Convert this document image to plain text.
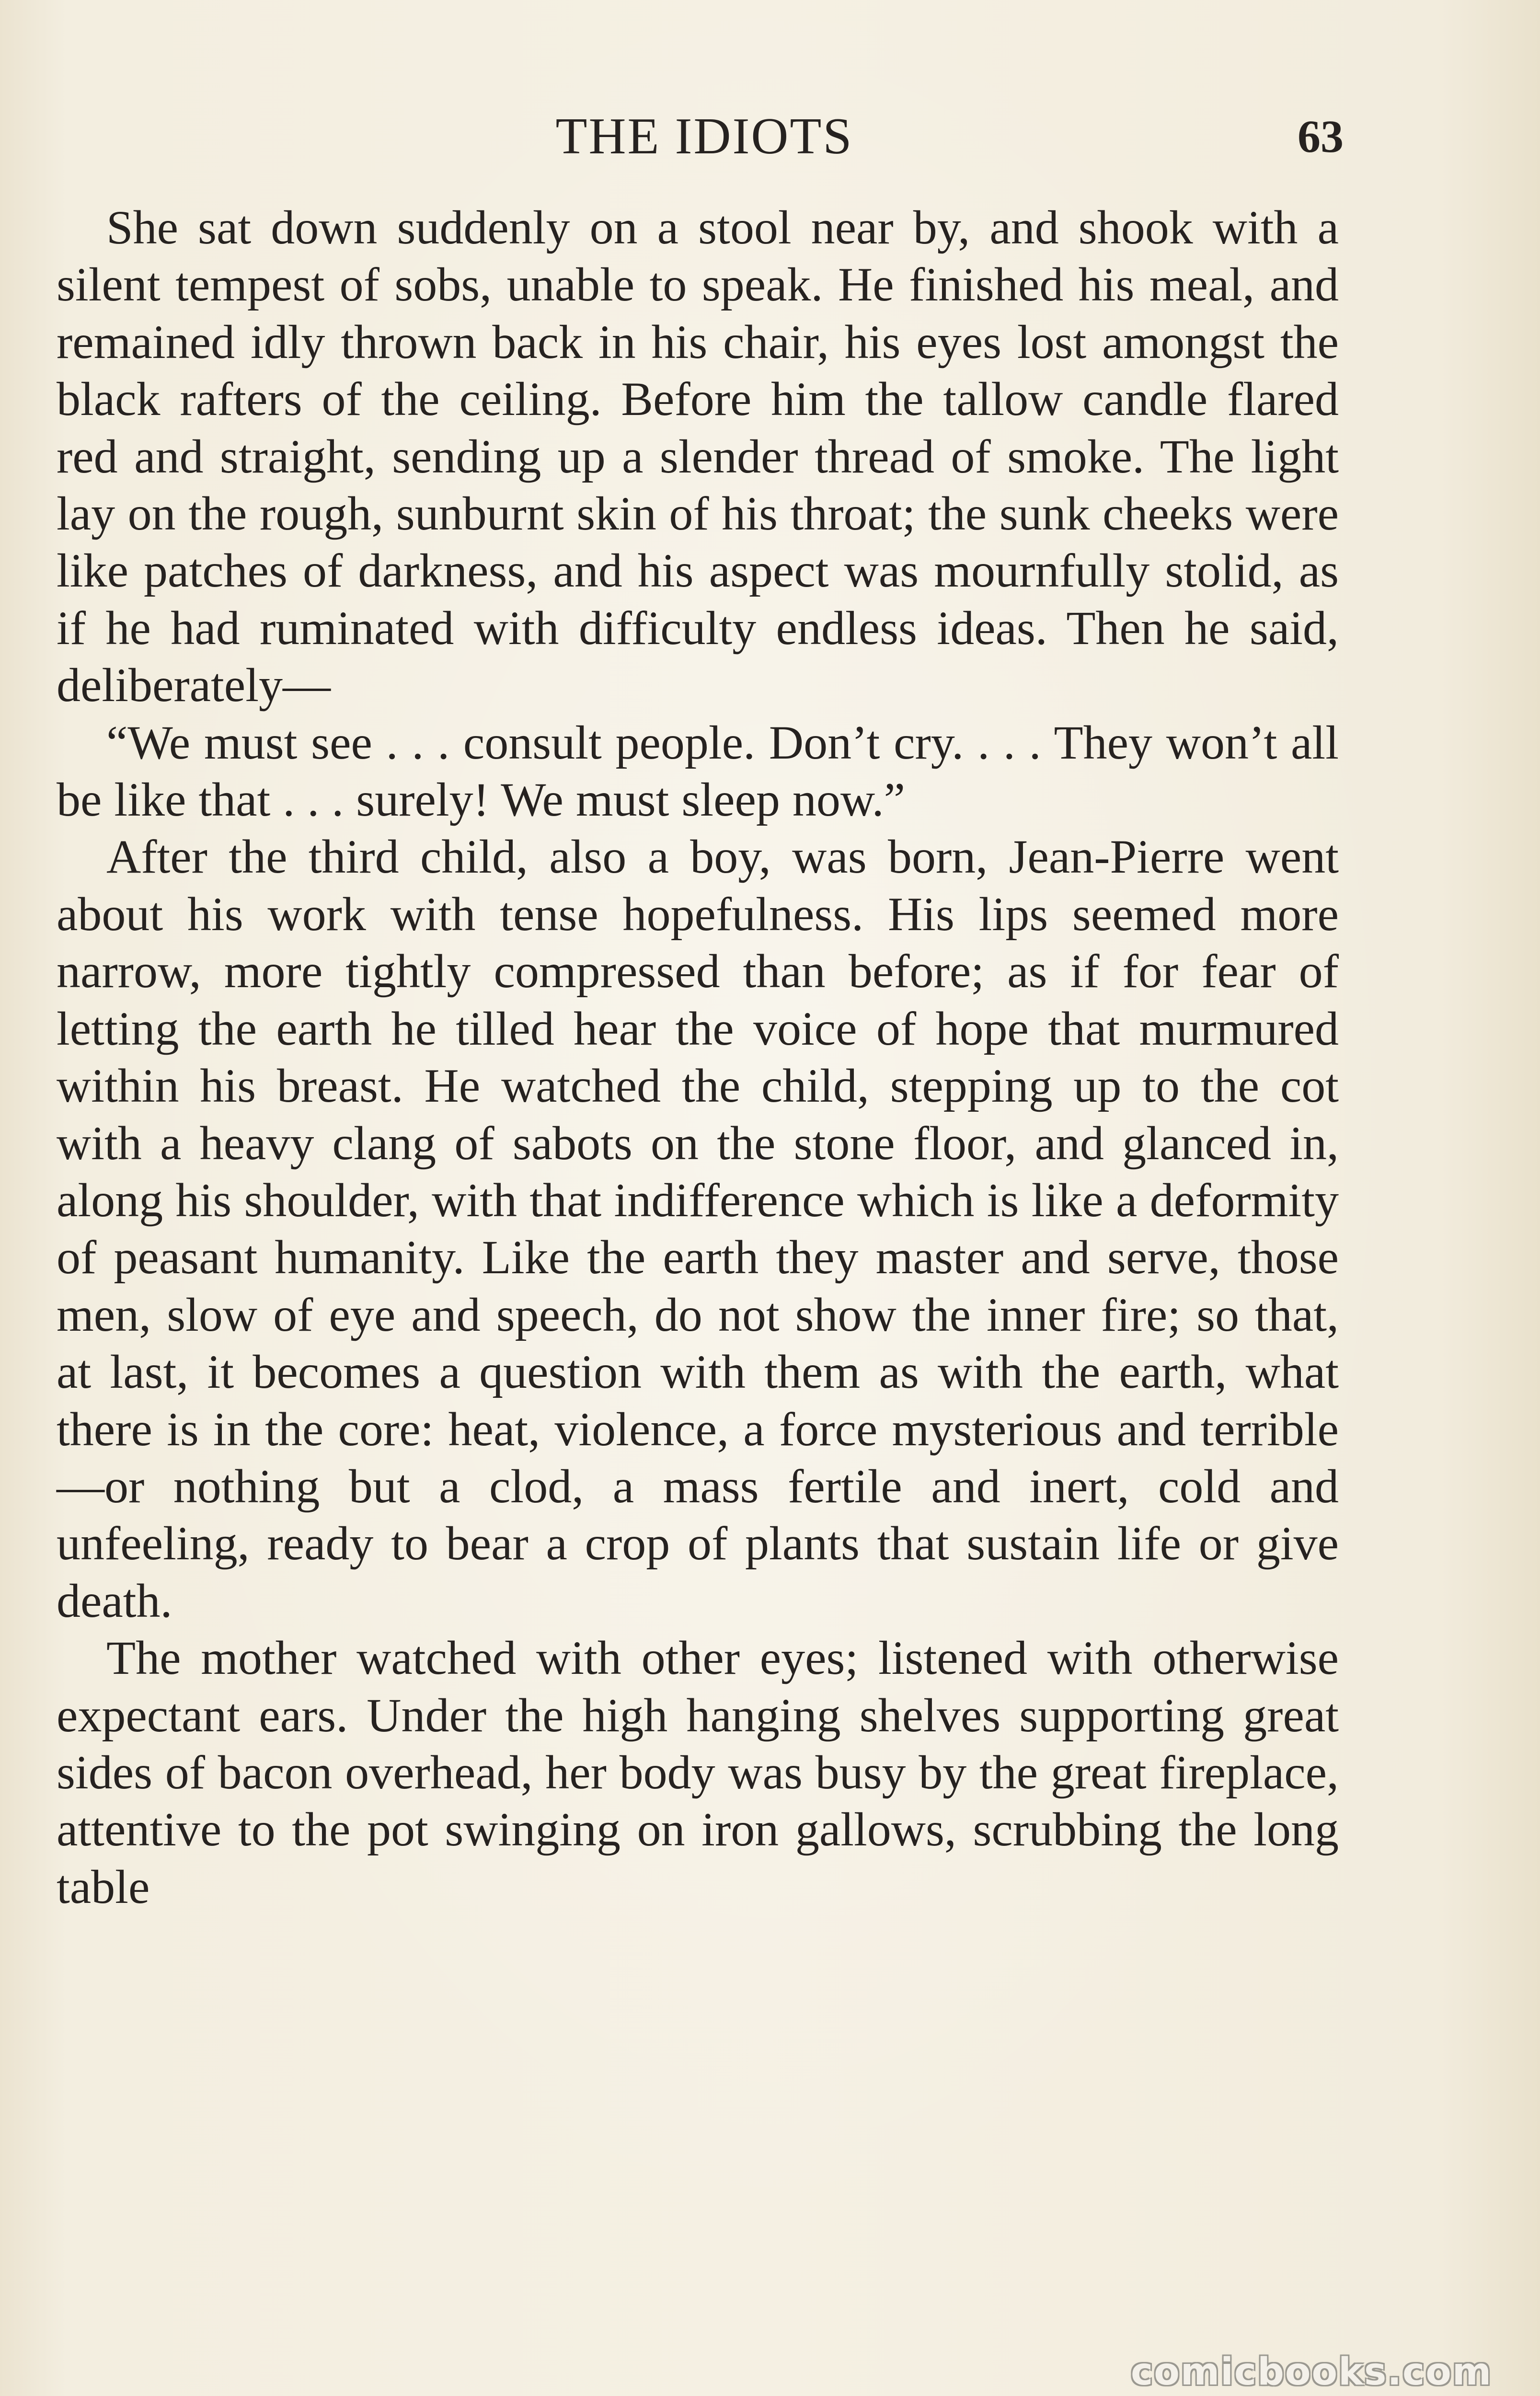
THE IDIOTS	63

She sat down suddenly on a stool near by, and shook with a silent tempest of sobs, unable to speak. He finished his meal, and remained idly thrown back in his chair, his eyes lost amongst the black rafters of the ceiling. Before him the tallow candle flared red and straight, sending up a slender thread of smoke. The light lay on the rough, sunburnt skin of his throat; the sunk cheeks were like patches of darkness, and his aspect was mournfully stolid, as if he had ruminated with difficulty endless ideas. Then he said, deliberately—

“We must see . . . consult people. Don’t cry. . . . They won’t all be like that . . . surely! We must sleep now.”

After the third child, also a boy, was born, Jean-Pierre went about his work with tense hopefulness. His lips seemed more narrow, more tightly compressed than before; as if for fear of letting the earth he tilled hear the voice of hope that murmured within his breast. He watched the child, stepping up to the cot with a heavy clang of sabots on the stone floor, and glanced in, along his shoulder, with that indifference which is like a deformity of peasant humanity. Like the earth they master and serve, those men, slow of eye and speech, do not show the inner fire; so that, at last, it becomes a question with them as with the earth, what there is in the core: heat, violence, a force mysterious and terrible —or nothing but a clod, a mass fertile and inert, cold and unfeeling, ready to bear a crop of plants that sustain life or give death.

The mother watched with other eyes; listened with otherwise expectant ears. Under the high hanging shelves supporting great sides of bacon overhead, her body was busy by the great fireplace, attentive to the pot swinging on iron gallows, scrubbing the long table

comicbooks.com
